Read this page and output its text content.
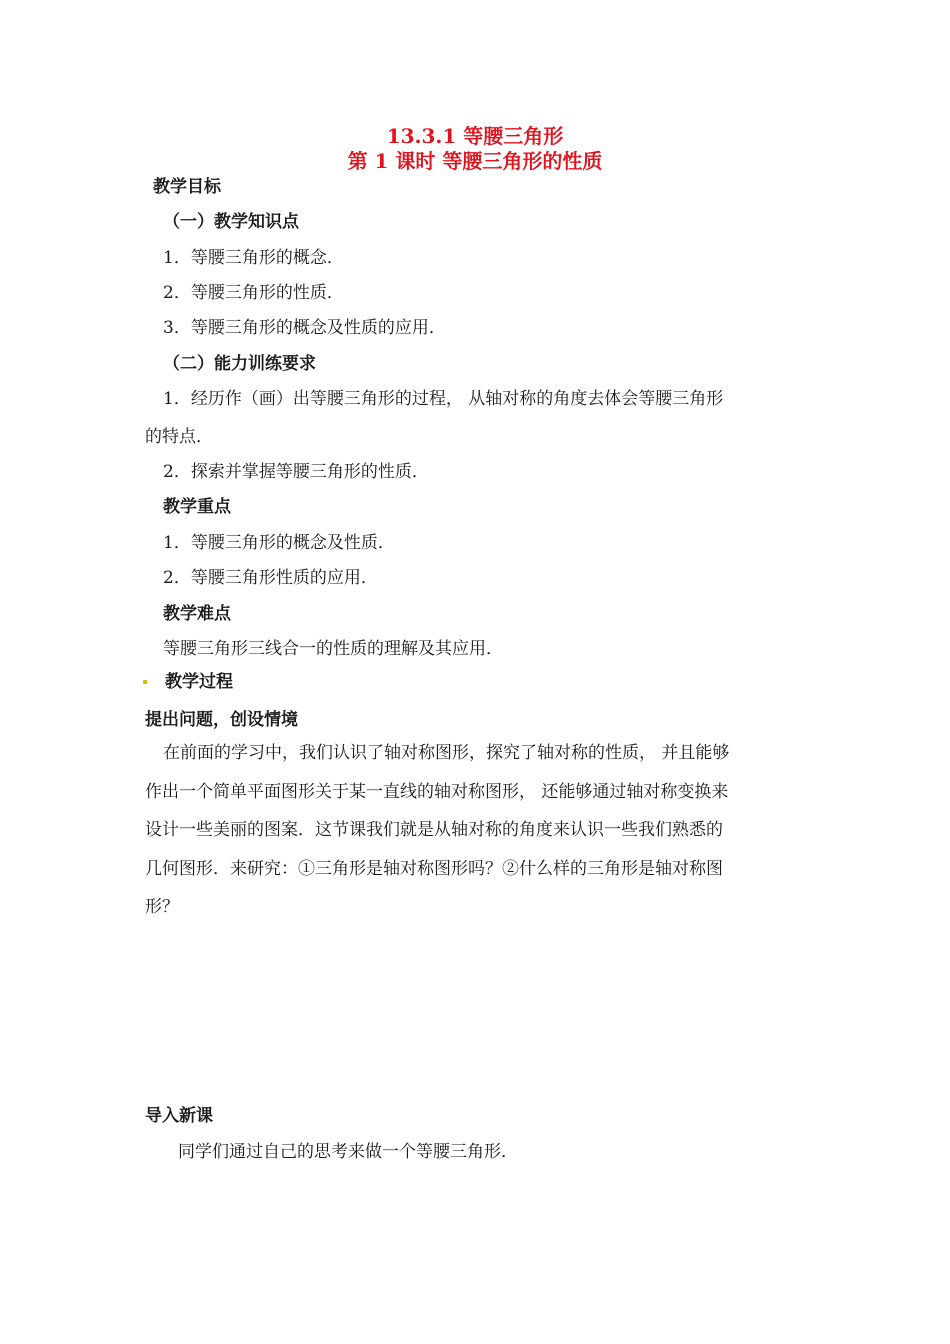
13.3.1 等腰三角形
第 1 课时 等腰三角形的性质
教学目标
（一）教学知识点
1．等腰三角形的概念．
2．等腰三角形的性质．
3．等腰三角形的概念及性质的应用．
（二）能力训练要求
1．经历作（画）出等腰三角形的过程， 从轴对称的角度去体会等腰三角形
的特点．
2．探索并掌握等腰三角形的性质．
教学重点
1．等腰三角形的概念及性质．
2．等腰三角形性质的应用．
教学难点
等腰三角形三线合一的性质的理解及其应用．
教学过程
提出问题，创设情境
在前面的学习中，我们认识了轴对称图形，探究了轴对称的性质， 并且能够
作出一个简单平面图形关于某一直线的轴对称图形， 还能够通过轴对称变换来
设计一些美丽的图案．这节课我们就是从轴对称的角度来认识一些我们熟悉的
几何图形．来研究：①三角形是轴对称图形吗？②什么样的三角形是轴对称图
形？
导入新课
同学们通过自己的思考来做一个等腰三角形．
